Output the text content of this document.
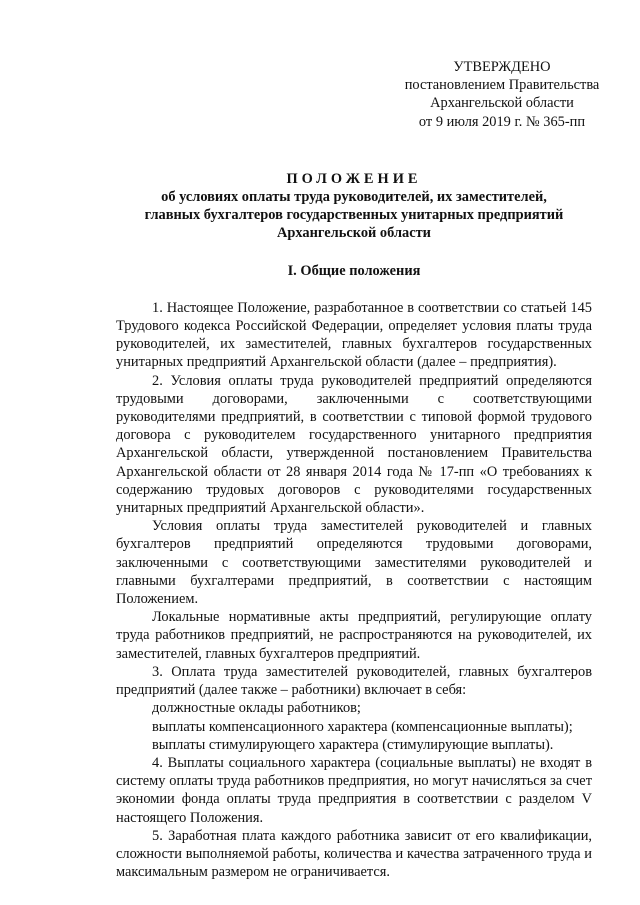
УТВЕРЖДЕНО
постановлением Правительства
Архангельской области
от 9 июля 2019 г. № 365-пп
ПОЛОЖЕНИЕ
об условиях оплаты труда руководителей, их заместителей,
главных бухгалтеров государственных унитарных предприятий
Архангельской области
I. Общие положения

1. Настоящее Положение, разработанное в соответствии со статьей 145 Трудового кодекса Российской Федерации, определяет условия платы труда руководителей, их заместителей, главных бухгалтеров государственных унитарных предприятий Архангельской области (далее – предприятия).

2. Условия оплаты труда руководителей предприятий определяются трудовыми договорами, заключенными с соответствующими руководителями предприятий, в соответствии с типовой формой трудового договора с руководителем государственного унитарного предприятия Архангельской области, утвержденной постановлением Правительства Архангельской области от 28 января 2014 года № 17-пп «О требованиях к содержанию трудовых договоров с руководителями государственных унитарных предприятий Архангельской области».

Условия оплаты труда заместителей руководителей и главных бухгалтеров предприятий определяются трудовыми договорами, заключенными с соответствующими заместителями руководителей и главными бухгалтерами предприятий, в соответствии с настоящим Положением.

Локальные нормативные акты предприятий, регулирующие оплату труда работников предприятий, не распространяются на руководителей, их заместителей, главных бухгалтеров предприятий.

3. Оплата труда заместителей руководителей, главных бухгалтеров предприятий (далее также – работники) включает в себя:

должностные оклады работников;

выплаты компенсационного характера (компенсационные выплаты);

выплаты стимулирующего характера (стимулирующие выплаты).

4. Выплаты социального характера (социальные выплаты) не входят в систему оплаты труда работников предприятия, но могут начисляться за счет экономии фонда оплаты труда предприятия в соответствии с разделом V настоящего Положения.

5. Заработная плата каждого работника зависит от его квалификации, сложности выполняемой работы, количества и качества затраченного труда и максимальным размером не ограничивается.
